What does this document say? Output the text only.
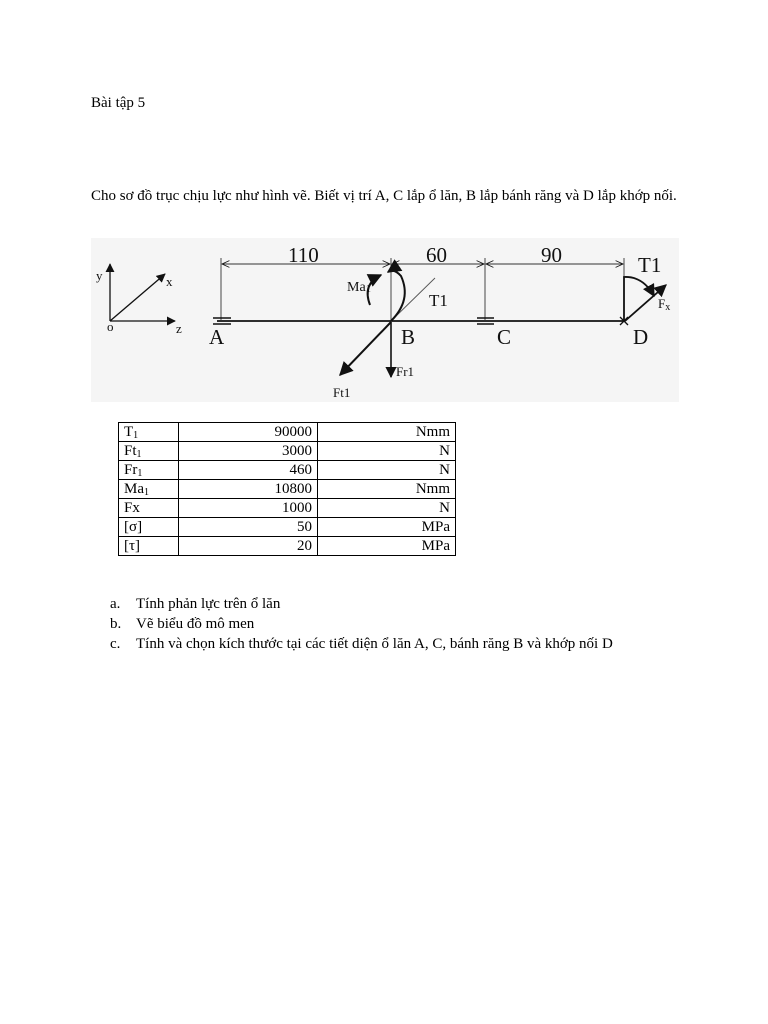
Bài tập 5
Cho sơ đồ trục chịu lực như hình vẽ. Biết vị trí A, C lắp ổ lăn, B lắp bánh răng và D lắp khớp nối.
y	x
z
o
110	60	90
A	B	C	D
Ma1
T1
Ft1
Fr1
T1
Fx
$T_1$	90000	Nmm
$Ft_1$	3000	N
$Fr_1$	460	N
$Ma_1$	10800	Nmm
Fx	1000	N
[σ]	50	MPa
[τ]	20	MPa
a.	Tính phản lực trên ổ lăn
b. Vẽ biểu đồ mô men
c.	Tính và chọn kích thước tại các tiết diện ổ lăn A, C, bánh răng B và khớp nối D
